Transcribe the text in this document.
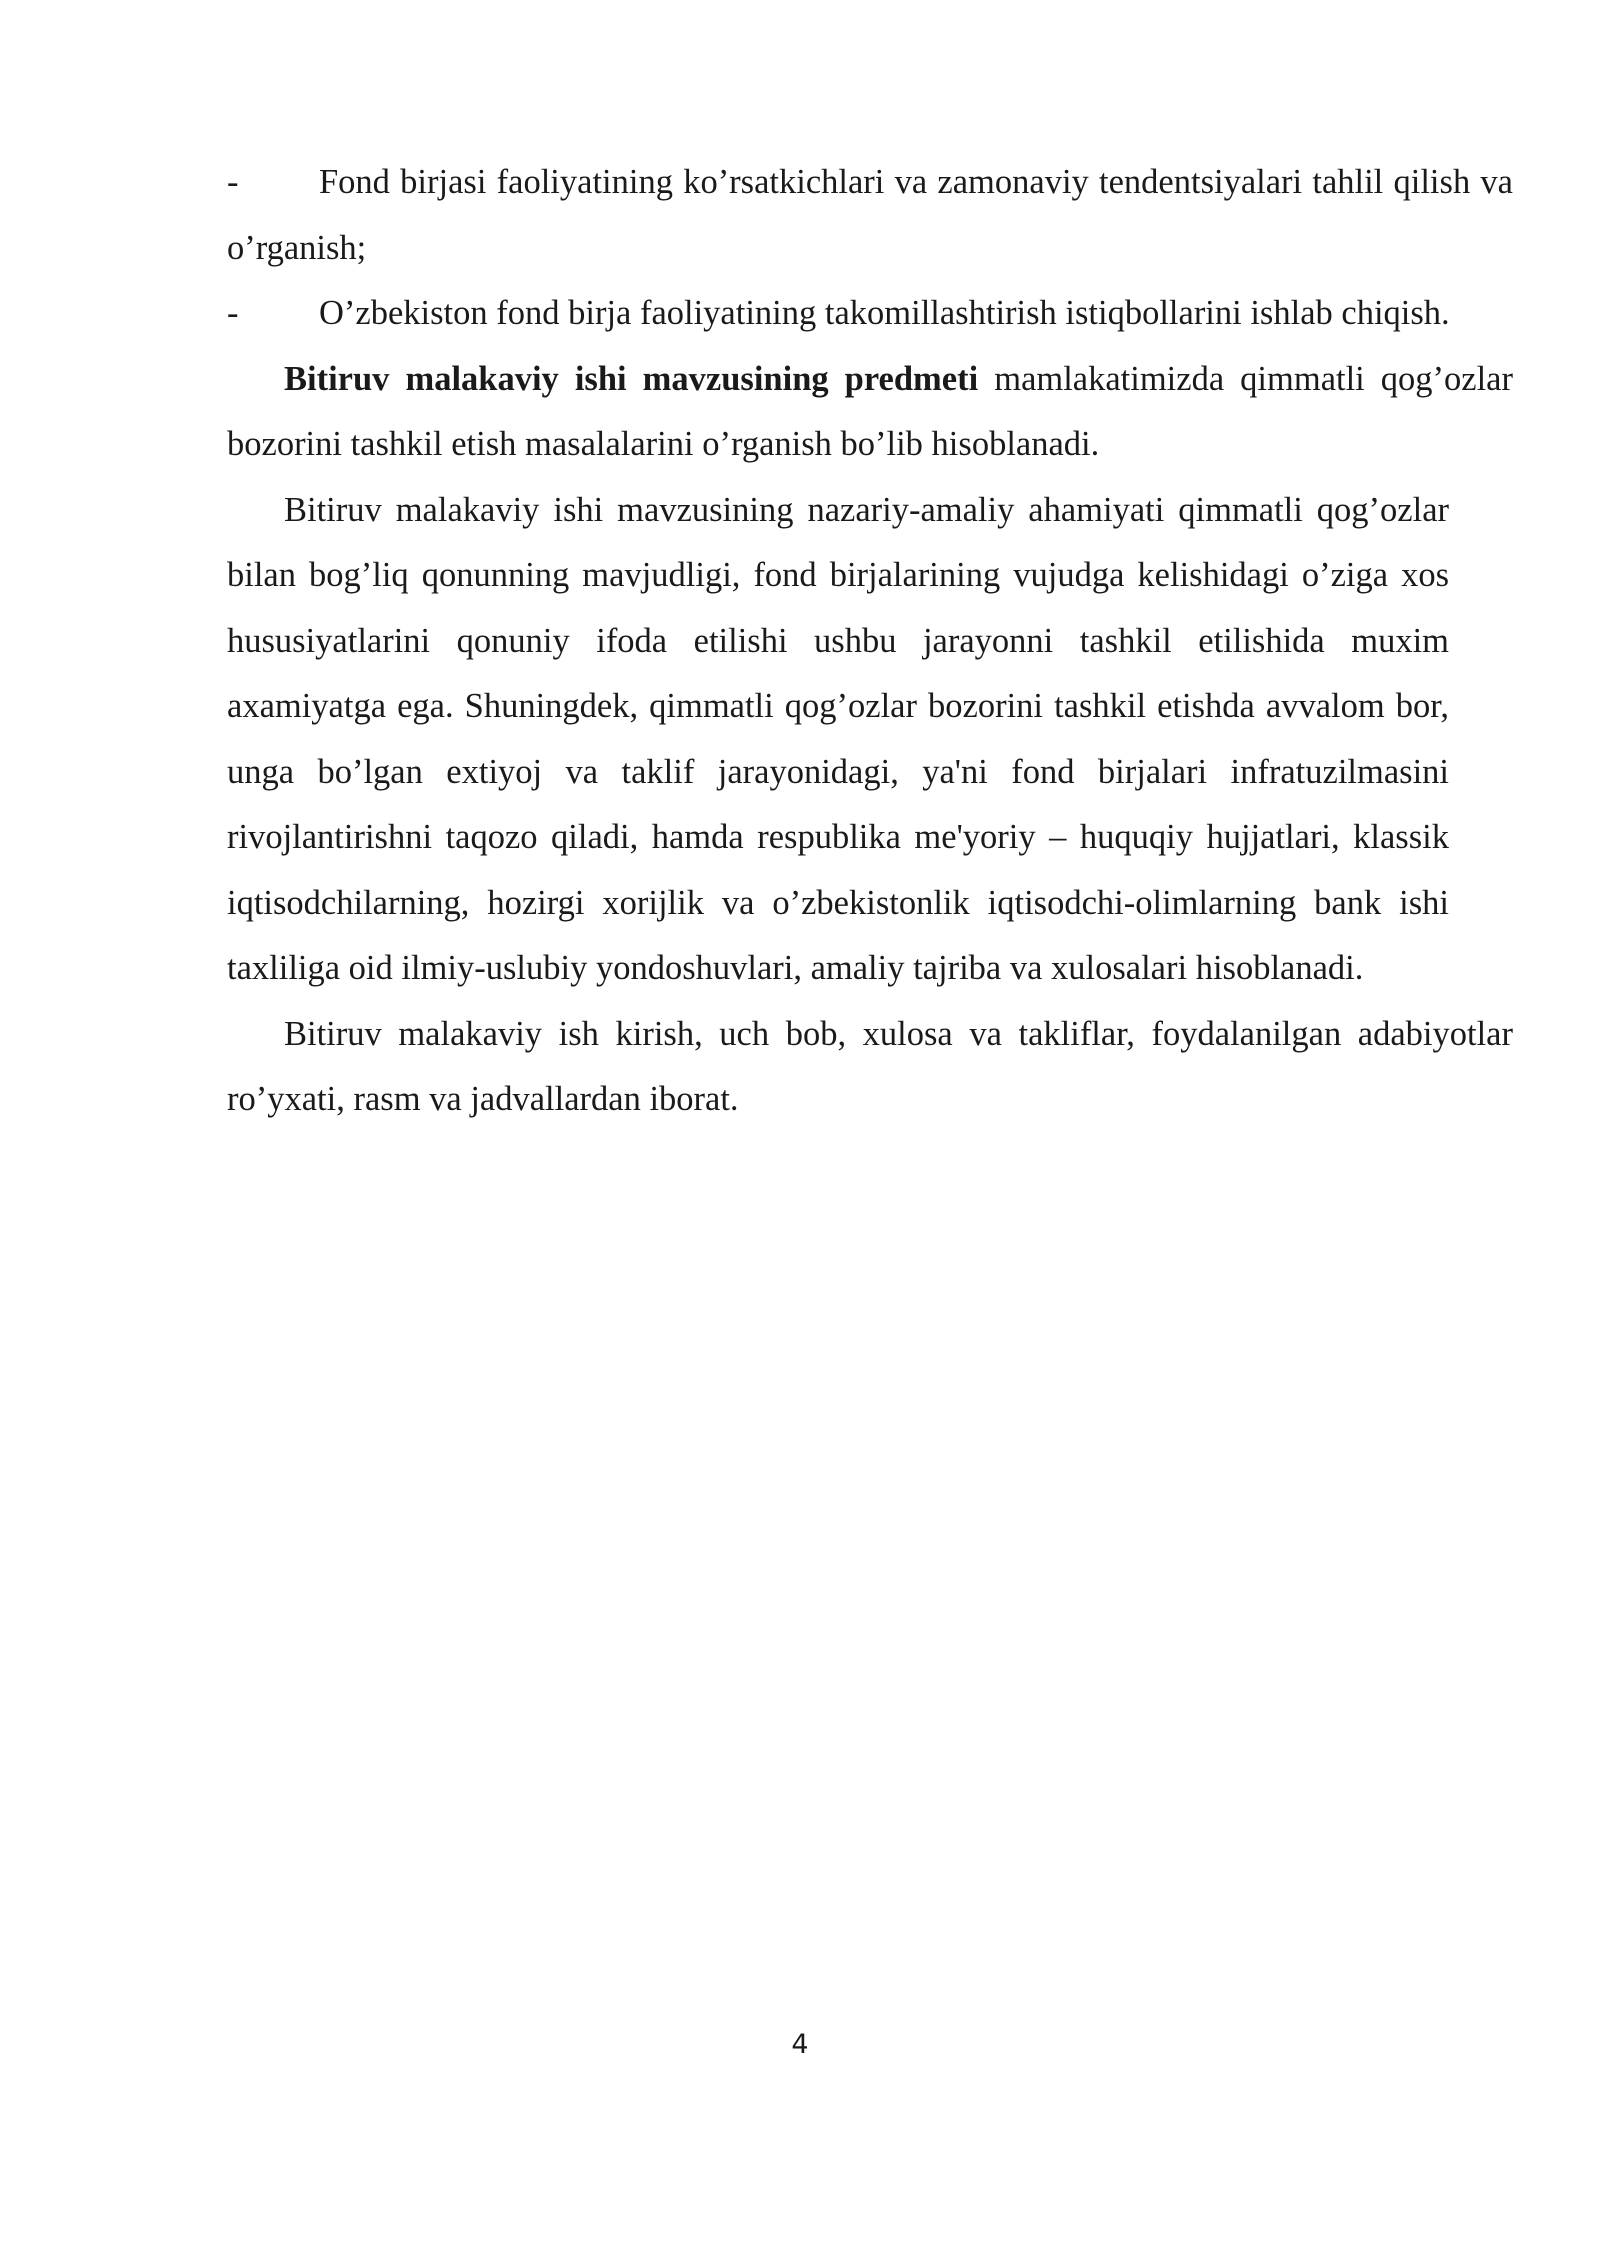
- Fond birjasi faoliyatining ko’rsatkichlari va zamonaviy tendentsiyalari tahlil qilish va o’rganish;

- O’zbekiston fond birja faoliyatining takomillashtirish istiqbollarini ishlab chiqish.

Bitiruv malakaviy ishi mavzusining predmeti mamlakatimizda qimmatli qog’ozlar bozorini tashkil etish masalalarini o’rganish bo’lib hisoblanadi.

Bitiruv malakaviy ishi mavzusining nazariy-amaliy ahamiyati qimmatli qog’ozlar bilan bog’liq qonunning mavjudligi, fond birjalarining vujudga kelishidagi o’ziga xos hususiyatlarini qonuniy ifoda etilishi ushbu jarayonni tashkil etilishida muxim axamiyatga ega. Shuningdek, qimmatli qog’ozlar bozorini tashkil etishda avvalom bor, unga bo’lgan extiyoj va taklif jarayonidagi, ya'ni fond birjalari infratuzilmasini rivojlantirishni taqozo qiladi, hamda respublika me'yoriy – huquqiy hujjatlari, klassik iqtisodchilarning, hozirgi xorijlik va o’zbekistonlik iqtisodchi-olimlarning bank ishi taxliliga oid ilmiy-uslubiy yondoshuvlari, amaliy tajriba va xulosalari hisoblanadi.

Bitiruv malakaviy ish kirish, uch bob, xulosa va takliflar, foydalanilgan adabiyotlar ro’yxati, rasm va jadvallardan iborat.

4
